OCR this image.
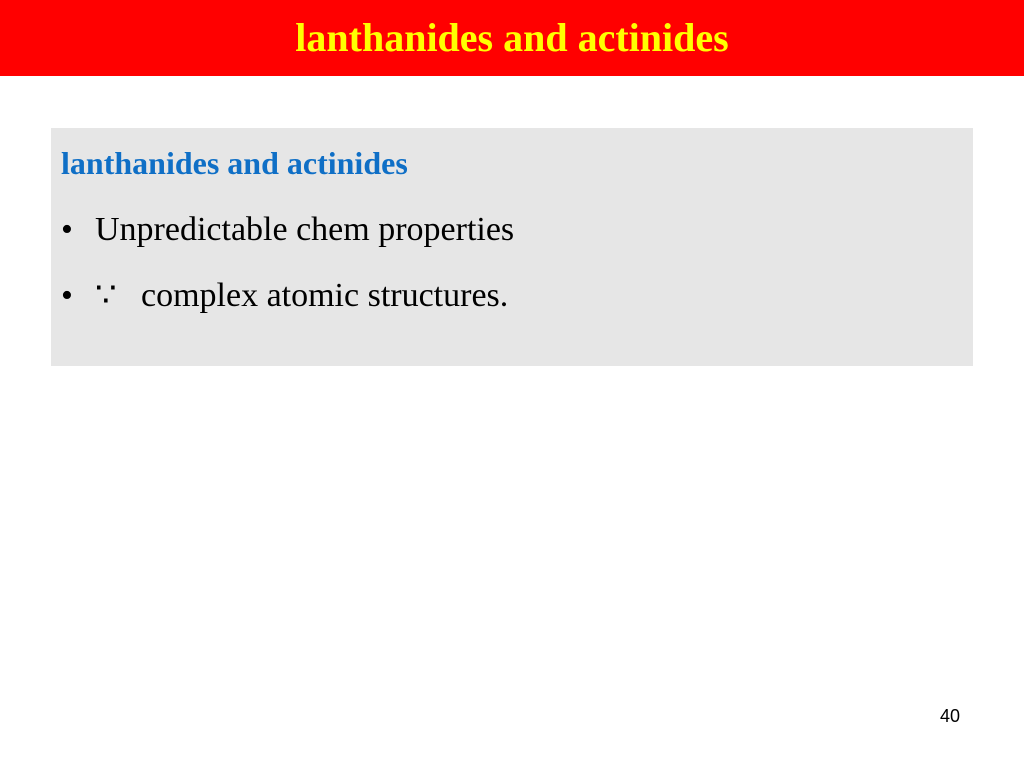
lanthanides and actinides
lanthanides and actinides
• Unpredictable chem properties
• ∵ complex atomic structures.
40
